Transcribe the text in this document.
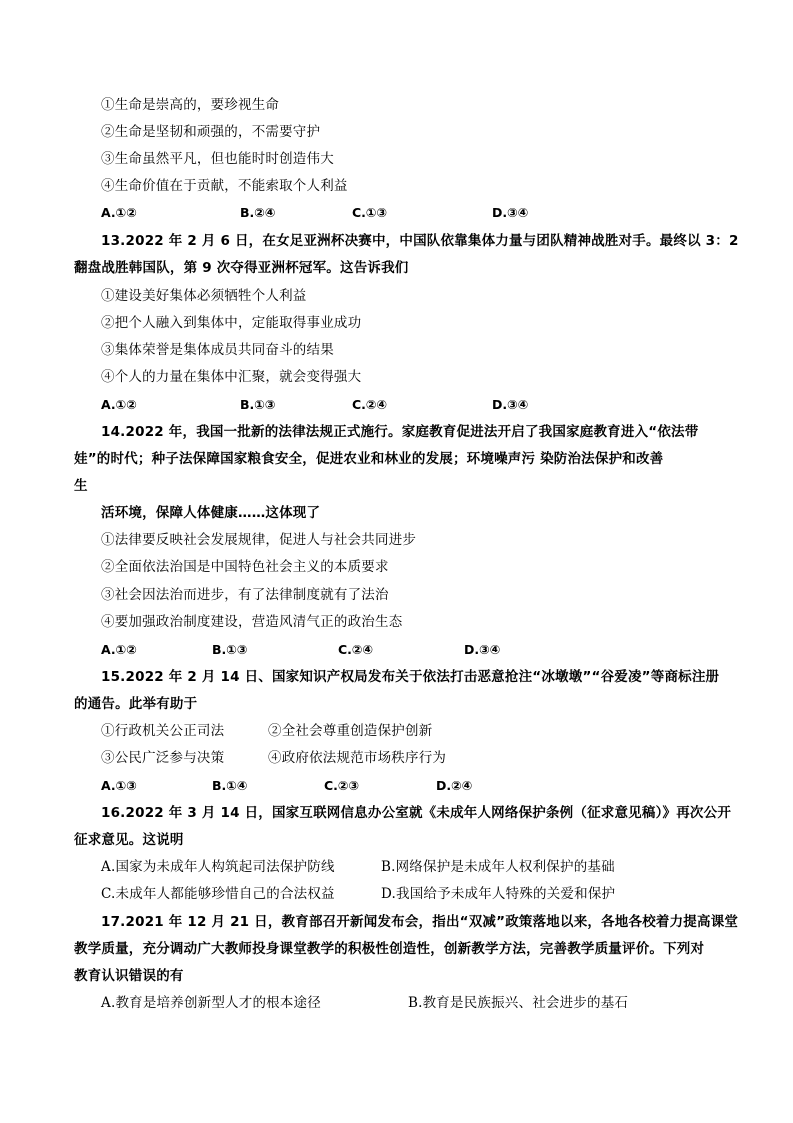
①生命是崇高的，要珍视生命
②生命是坚韧和顽强的，不需要守护
③生命虽然平凡，但也能时时创造伟大
④生命价值在于贡献，不能索取个人利益
A.①②	B.②④	C.①③	D.③④
13.2022 年 2 月 6 日，在女足亚洲杯决赛中，中国队依靠集体力量与团队精神战胜对手。最终以 3：2
翻盘战胜韩国队，第 9 次夺得亚洲杯冠军。这告诉我们
①建设美好集体必须牺牲个人利益
②把个人融入到集体中，定能取得事业成功
③集体荣誉是集体成员共同奋斗的结果
④个人的力量在集体中汇聚，就会变得强大
A.①②	B.①③	C.②④	D.③④
14.2022 年，我国一批新的法律法规正式施行。家庭教育促进法开启了我国家庭教育进入“依法带
娃”的时代；种子法保障国家粮食安全，促进农业和林业的发展；环境噪声污 染防治法保护和改善
生
活环境，保障人体健康……这体现了
①法律要反映社会发展规律，促进人与社会共同进步
②全面依法治国是中国特色社会主义的本质要求
③社会因法治而进步，有了法律制度就有了法治
④要加强政治制度建设，营造风清气正的政治生态
A.①②	B.①③	C.②④	D.③④
15.2022 年 2 月 14 日、国家知识产权局发布关于依法打击恶意抢注“冰墩墩”“谷爱凌”等商标注册
的通告。此举有助于
①行政机关公正司法	②全社会尊重创造保护创新
③公民广泛参与决策	④政府依法规范市场秩序行为
A.①③	B.①④	C.②③	D.②④
16.2022 年 3 月 14 日，国家互联网信息办公室就《未成年人网络保护条例（征求意见稿）》再次公开
征求意见。这说明
A.国家为未成年人构筑起司法保护防线	B.网络保护是未成年人权利保护的基础
C.未成年人都能够珍惜自己的合法权益	D.我国给予未成年人特殊的关爱和保护
17.2021 年 12 月 21 日，教育部召开新闻发布会，指出“双减”政策落地以来，各地各校着力提高课堂
教学质量，充分调动广大教师投身课堂教学的积极性创造性，创新教学方法，完善教学质量评价。下列对
教育认识错误的有
A.教育是培养创新型人才的根本途径	B.教育是民族振兴、社会进步的基石
